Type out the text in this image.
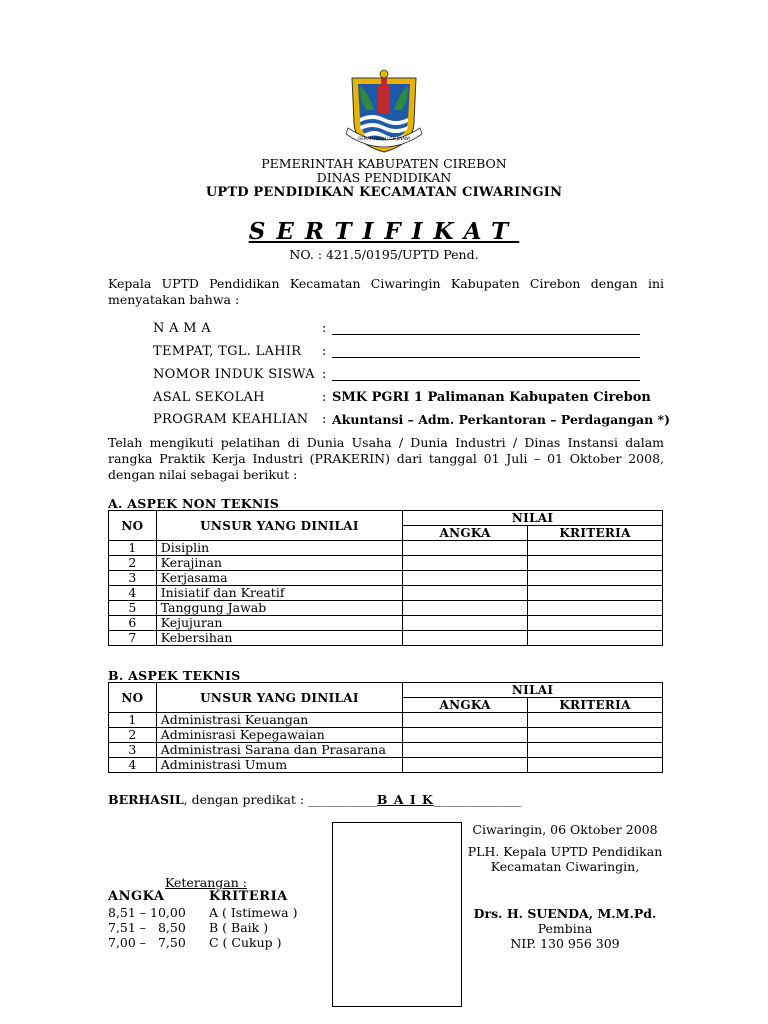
GEMAH RIPAH LOH JINAWI
PEMERINTAH KABUPATEN CIREBON
DINAS PENDIDIKAN
UPTD PENDIDIKAN KECAMATAN CIWARINGIN
SERTIFIKAT
NO. : 421.5/0195/UPTD Pend.
Kepala UPTD Pendidikan Kecamatan Ciwaringin Kabupaten Cirebon dengan ini menyatakan bahwa :
N A M A	:
TEMPAT, TGL. LAHIR :
NOMOR INDUK SISWA :
ASAL SEKOLAH	: SMK PGRI 1 Palimanan Kabupaten Cirebon
PROGRAM KEAHLIAN : Akuntansi – Adm. Perkantoran – Perdagangan *)
Telah mengikuti pelatihan di Dunia Usaha / Dunia Industri / Dinas Instansi dalam rangka Praktik Kerja Industri (PRAKERIN) dari tanggal 01 Juli – 01 Oktober 2008, dengan nilai sebagai berikut :
A. ASPEK NON TEKNIS
NO	UNSUR YANG DINILAI	NILAI	
		ANGKA	KRITERIA
1	Disiplin		
2	Kerajinan		
3	Kerjasama		
4	Inisiatif dan Kreatif		
5	Tanggung Jawab		
6	Kejujuran		
7	Kebersihan		
B. ASPEK TEKNIS
NO	UNSUR YANG DINILAI	NILAI	
		ANGKA	KRITERIA
1	Administrasi Keuangan		
2	Adminisrasi Kepegawaian		
3	Administrasi Sarana dan Prasarana		
4	Administrasi Umum		
BERHASIL, dengan predikat : ___________B A I K______________
Ciwaringin, 06 Oktober 2008
PLH. Kepala UPTD Pendidikan
Kecamatan Ciwaringin,
Drs. H. SUENDA, M.M.Pd.
Pembina
NIP. 130 956 309
Keterangan :
ANGKA	KRITERIA
8,51 – 10,00 A ( Istimewa )
7,51 –   8,50 B ( Baik )
7,00 –   7,50 C ( Cukup )
